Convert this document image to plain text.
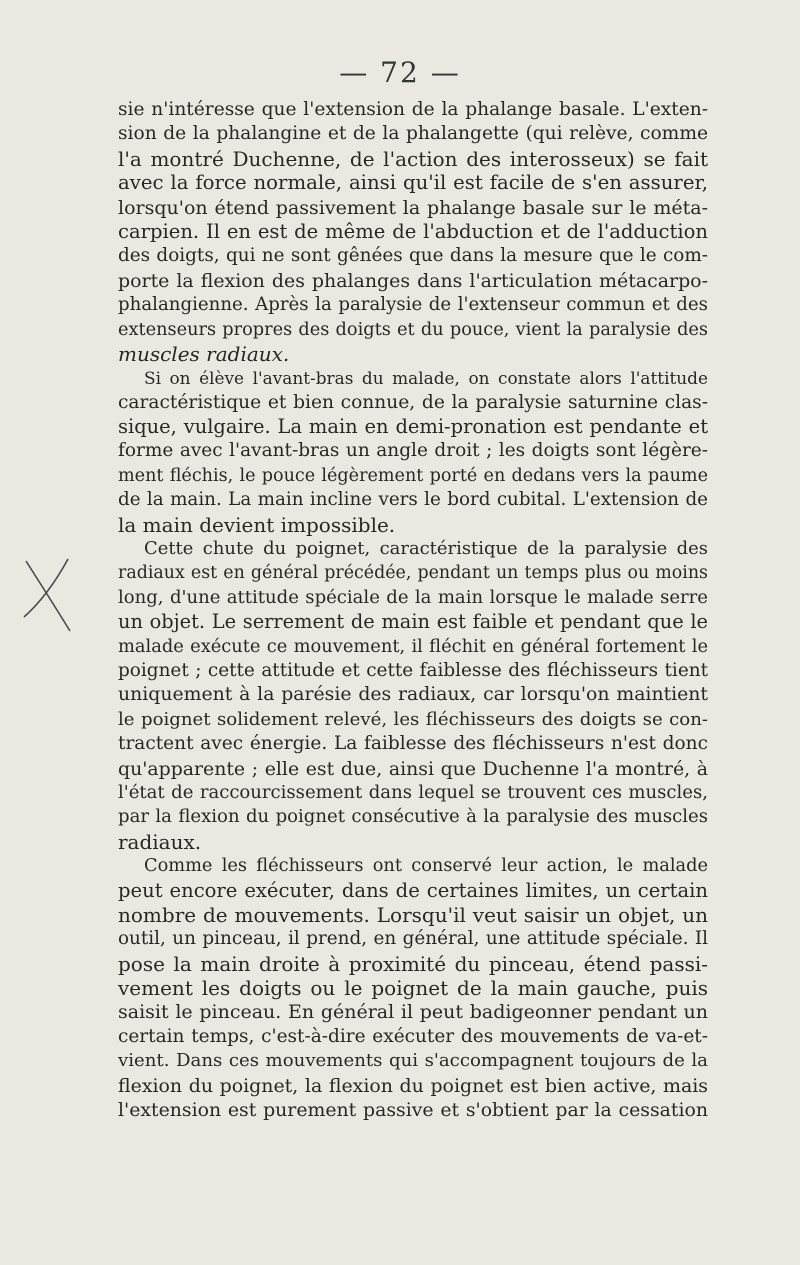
— 72 —
sie n'intéresse que l'extension de la phalange basale. L'exten-
sion de la phalangine et de la phalangette (qui relève, comme
l'a montré Duchenne, de l'action des interosseux) se fait
avec la force normale, ainsi qu'il est facile de s'en assurer,
lorsqu'on étend passivement la phalange basale sur le méta-
carpien. Il en est de même de l'abduction et de l'adduction
des doigts, qui ne sont gênées que dans la mesure que le com-
porte la flexion des phalanges dans l'articulation métacarpo-
phalangienne. Après la paralysie de l'extenseur commun et des
extenseurs propres des doigts et du pouce, vient la paralysie des
muscles radiaux.
Si on élève l'avant-bras du malade, on constate alors l'attitude
caractéristique et bien connue, de la paralysie saturnine clas-
sique, vulgaire. La main en demi-pronation est pendante et
forme avec l'avant-bras un angle droit ; les doigts sont légère-
ment fléchis, le pouce légèrement porté en dedans vers la paume
de la main. La main incline vers le bord cubital. L'extension de
la main devient impossible.
Cette chute du poignet, caractéristique de la paralysie des
radiaux est en général précédée, pendant un temps plus ou moins
long, d'une attitude spéciale de la main lorsque le malade serre
un objet. Le serrement de main est faible et pendant que le
malade exécute ce mouvement, il fléchit en général fortement le
poignet ; cette attitude et cette faiblesse des fléchisseurs tient
uniquement à la parésie des radiaux, car lorsqu'on maintient
le poignet solidement relevé, les fléchisseurs des doigts se con-
tractent avec énergie. La faiblesse des fléchisseurs n'est donc
qu'apparente ; elle est due, ainsi que Duchenne l'a montré, à
l'état de raccourcissement dans lequel se trouvent ces muscles,
par la flexion du poignet consécutive à la paralysie des muscles
radiaux.
Comme les fléchisseurs ont conservé leur action, le malade
peut encore exécuter, dans de certaines limites, un certain
nombre de mouvements. Lorsqu'il veut saisir un objet, un
outil, un pinceau, il prend, en général, une attitude spéciale. Il
pose la main droite à proximité du pinceau, étend passi-
vement les doigts ou le poignet de la main gauche, puis
saisit le pinceau. En général il peut badigeonner pendant un
certain temps, c'est-à-dire exécuter des mouvements de va-et-
vient. Dans ces mouvements qui s'accompagnent toujours de la
flexion du poignet, la flexion du poignet est bien active, mais
l'extension est purement passive et s'obtient par la cessation
